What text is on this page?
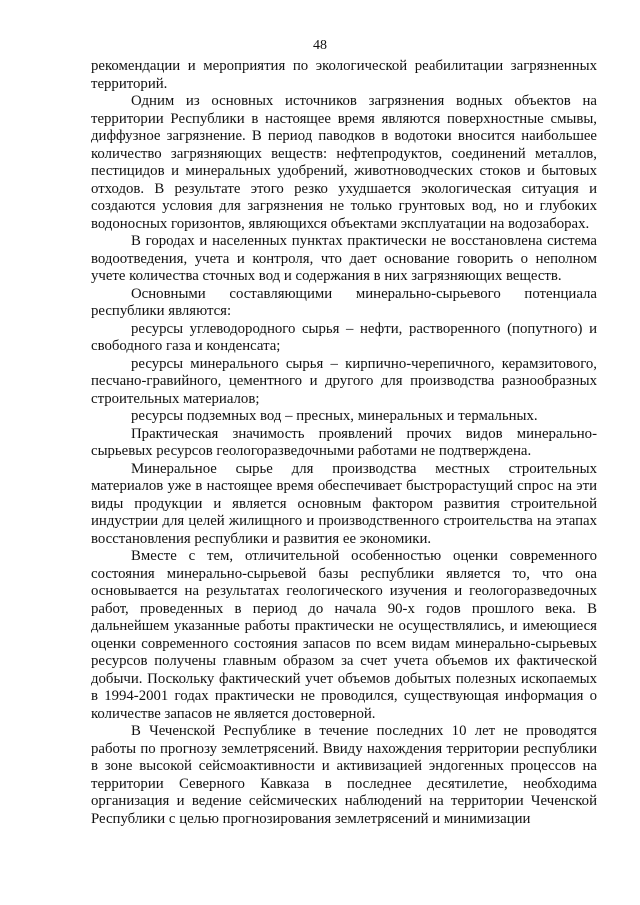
48

рекомендации и мероприятия по экологической реабилитации загрязненных территорий.

Одним из основных источников загрязнения водных объектов на территории Республики в настоящее время являются поверхностные смывы, диффузное загрязнение. В период паводков в водотоки вносится наибольшее количество загрязняющих веществ: нефтепродуктов, соединений металлов, пестицидов и минеральных удобрений, животноводческих стоков и бытовых отходов. В результате этого резко ухудшается экологическая ситуация и создаются условия для загрязнения не только грунтовых вод, но и глубоких водоносных горизонтов, являющихся объектами эксплуатации на водозаборах.

В городах и населенных пунктах практически не восстановлена система водоотведения, учета и контроля, что дает основание говорить о неполном учете количества сточных вод и содержания в них загрязняющих веществ.

Основными составляющими минерально-сырьевого потенциала республики являются:

ресурсы углеводородного сырья – нефти, растворенного (попутного) и свободного газа и конденсата;

ресурсы минерального сырья – кирпично-черепичного, керамзитового, песчано-гравийного, цементного и другого для производства разнообразных строительных материалов;

ресурсы подземных вод – пресных, минеральных и термальных.

Практическая значимость проявлений прочих видов минерально-сырьевых ресурсов геологоразведочными работами не подтверждена.

Минеральное сырье для производства местных строительных материалов уже в настоящее время обеспечивает быстрорастущий спрос на эти виды продукции и является основным фактором развития строительной индустрии для целей жилищного и производственного строительства на этапах восстановления республики и развития ее экономики.

Вместе с тем, отличительной особенностью оценки современного состояния минерально-сырьевой базы республики является то, что она основывается на результатах геологического изучения и геологоразведочных работ, проведенных в период до начала 90-х годов прошлого века. В дальнейшем указанные работы практически не осуществлялись, и имеющиеся оценки современного состояния запасов по всем видам минерально-сырьевых ресурсов получены главным образом за счет учета объемов их фактической добычи. Поскольку фактический учет объемов добытых полезных ископаемых в 1994-2001 годах практически не проводился, существующая информация о количестве запасов не является достоверной.

В Чеченской Республике в течение последних 10 лет не проводятся работы по прогнозу землетрясений. Ввиду нахождения территории республики в зоне высокой сейсмоактивности и активизацией эндогенных процессов на территории Северного Кавказа в последнее десятилетие, необходима организация и ведение сейсмических наблюдений на территории Чеченской Республики с целью прогнозирования землетрясений и минимизации
